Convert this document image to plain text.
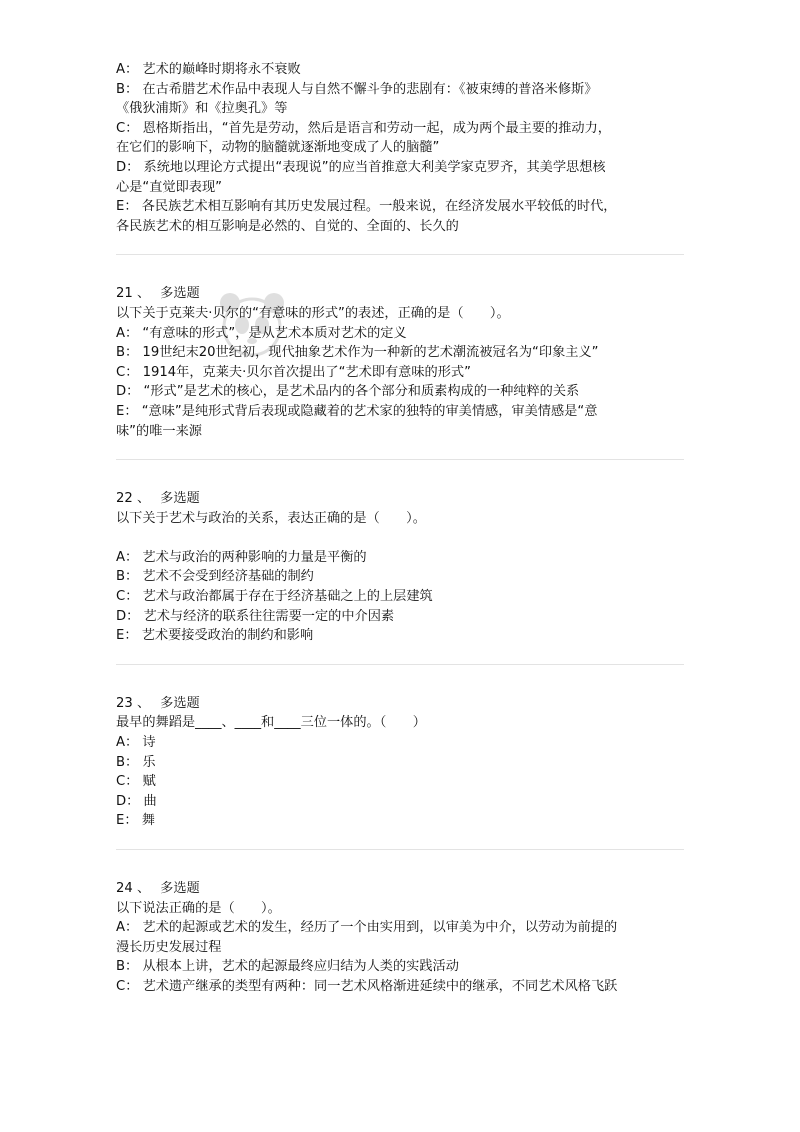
A： 艺术的巅峰时期将永不衰败
B： 在古希腊艺术作品中表现人与自然不懈斗争的悲剧有：《被束缚的普洛米修斯》
《俄狄浦斯》和《拉奥孔》等
C： 恩格斯指出，“首先是劳动，然后是语言和劳动一起，成为两个最主要的推动力，
在它们的影响下，动物的脑髓就逐渐地变成了人的脑髓”
D： 系统地以理论方式提出“表现说”的应当首推意大利美学家克罗齐，其美学思想核
心是“直觉即表现”
E： 各民族艺术相互影响有其历史发展过程。一般来说，在经济发展水平较低的时代，
各民族艺术的相互影响是必然的、自觉的、全面的、长久的
21 、 多选题
以下关于克莱夫·贝尔的“有意味的形式”的表述，正确的是（　　）。
A： “有意味的形式”，是从艺术本质对艺术的定义
B： 19世纪末20世纪初，现代抽象艺术作为一种新的艺术潮流被冠名为“印象主义”
C： 1914年，克莱夫·贝尔首次提出了“艺术即有意味的形式”
D： “形式”是艺术的核心，是艺术品内的各个部分和质素构成的一种纯粹的关系
E： “意味”是纯形式背后表现或隐藏着的艺术家的独特的审美情感，审美情感是“意
味”的唯一来源
22 、 多选题
以下关于艺术与政治的关系，表达正确的是（　　）。
A： 艺术与政治的两种影响的力量是平衡的
B： 艺术不会受到经济基础的制约
C： 艺术与政治都属于存在于经济基础之上的上层建筑
D： 艺术与经济的联系往往需要一定的中介因素
E： 艺术要接受政治的制约和影响
23 、 多选题
最早的舞蹈是____、____和____三位一体的。（　　）
A： 诗
B： 乐
C： 赋
D： 曲
E： 舞
24 、 多选题
以下说法正确的是（　　）。
A： 艺术的起源或艺术的发生，经历了一个由实用到，以审美为中介，以劳动为前提的
漫长历史发展过程
B： 从根本上讲，艺术的起源最终应归结为人类的实践活动
C： 艺术遗产继承的类型有两种：同一艺术风格渐进延续中的继承，不同艺术风格飞跃
